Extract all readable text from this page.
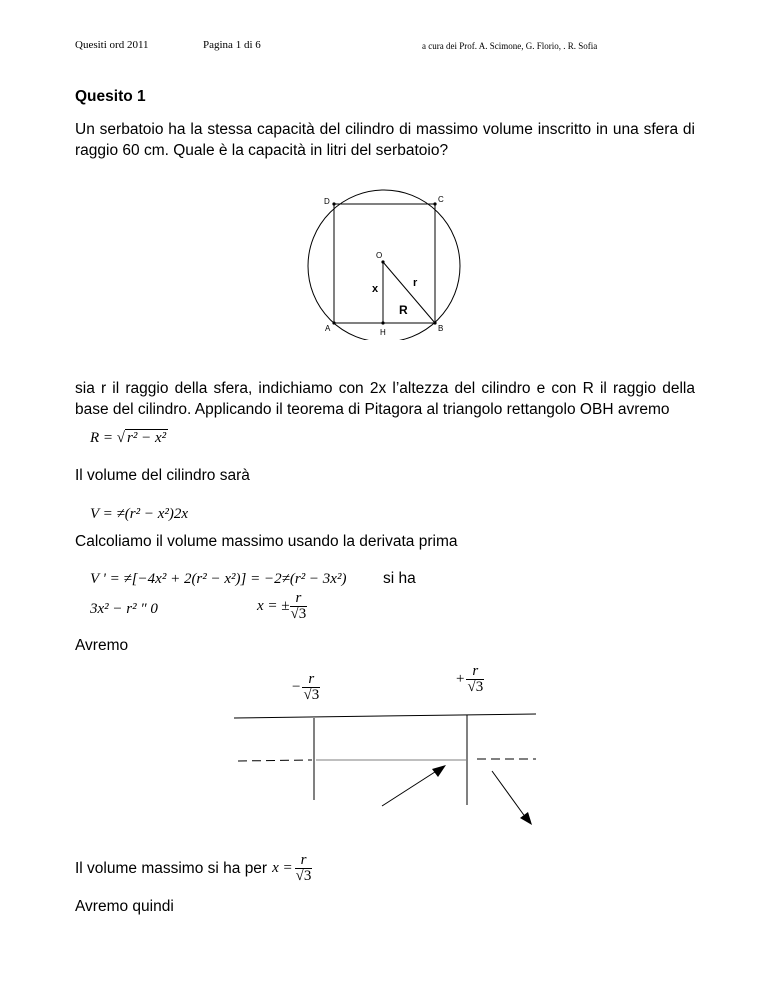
Quesiti ord 2011	Pagina 1 di 6	a cura dei Prof. A. Scimone, G. Florio, . R. Sofia
Quesito 1
Un serbatoio ha la stessa capacità del cilindro di massimo volume inscritto in una sfera di raggio 60 cm. Quale è la capacità in litri del serbatoio?
D	C
O
A	H	B
x	r
R
sia r il raggio della sfera, indichiamo con 2x l’altezza del cilindro e con R il raggio della base del cilindro. Applicando il teorema di Pitagora al triangolo rettangolo OBH avremo
R = √ r² − x²
Il volume del cilindro sarà
V = ≠(r² − x²)2x
Calcoliamo il volume massimo usando la derivata prima
V ' = ≠[−4x² + 2(r² − x²)] = −2≠(r² − 3x²) si ha
3x² − r² ″ 0	x = ± $\frac{r}{√3}$
Avremo
− $\frac{r}{√3}$	+ $\frac{r}{√3}$
Il volume massimo si ha per $x = \frac{r}{√3}$
Avremo quindi
